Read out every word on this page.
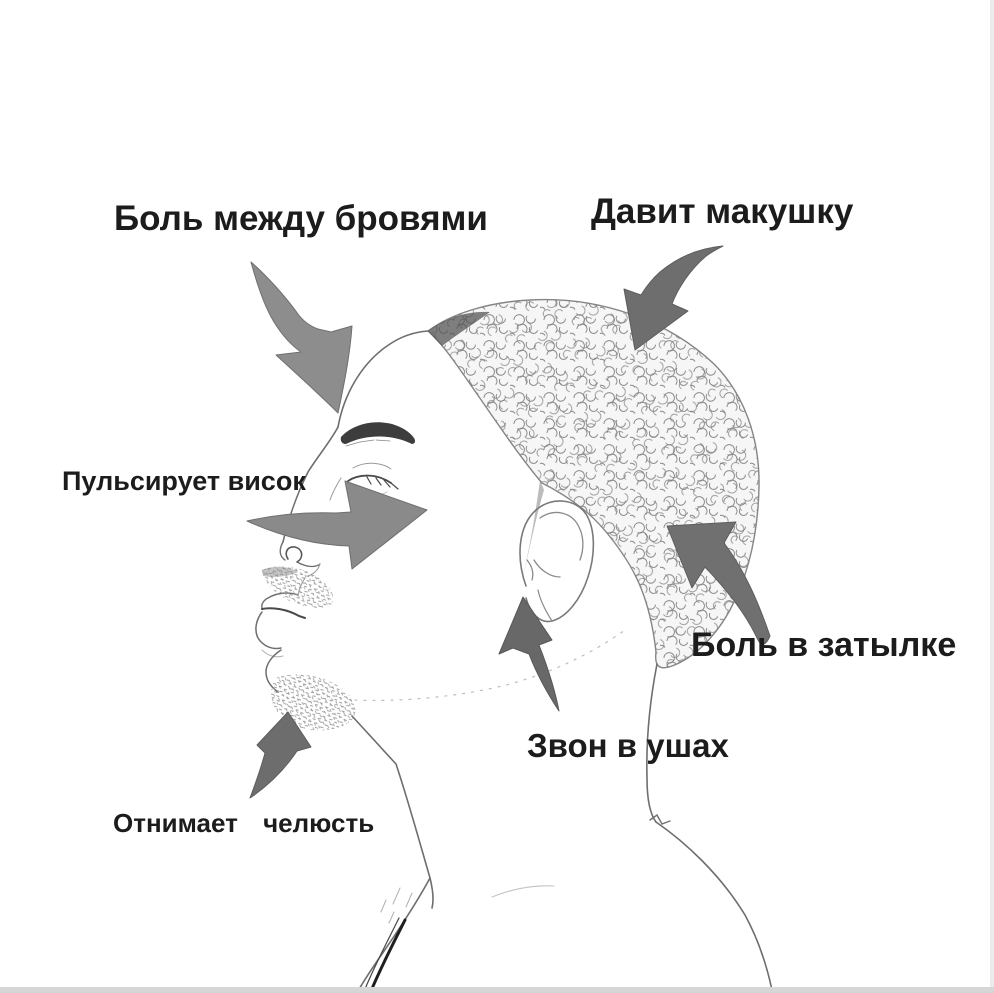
Боль между бровями	Давит макушку
Пульсирует висок
Боль в затылке
Звон в ушах
Отнимает челюсть
